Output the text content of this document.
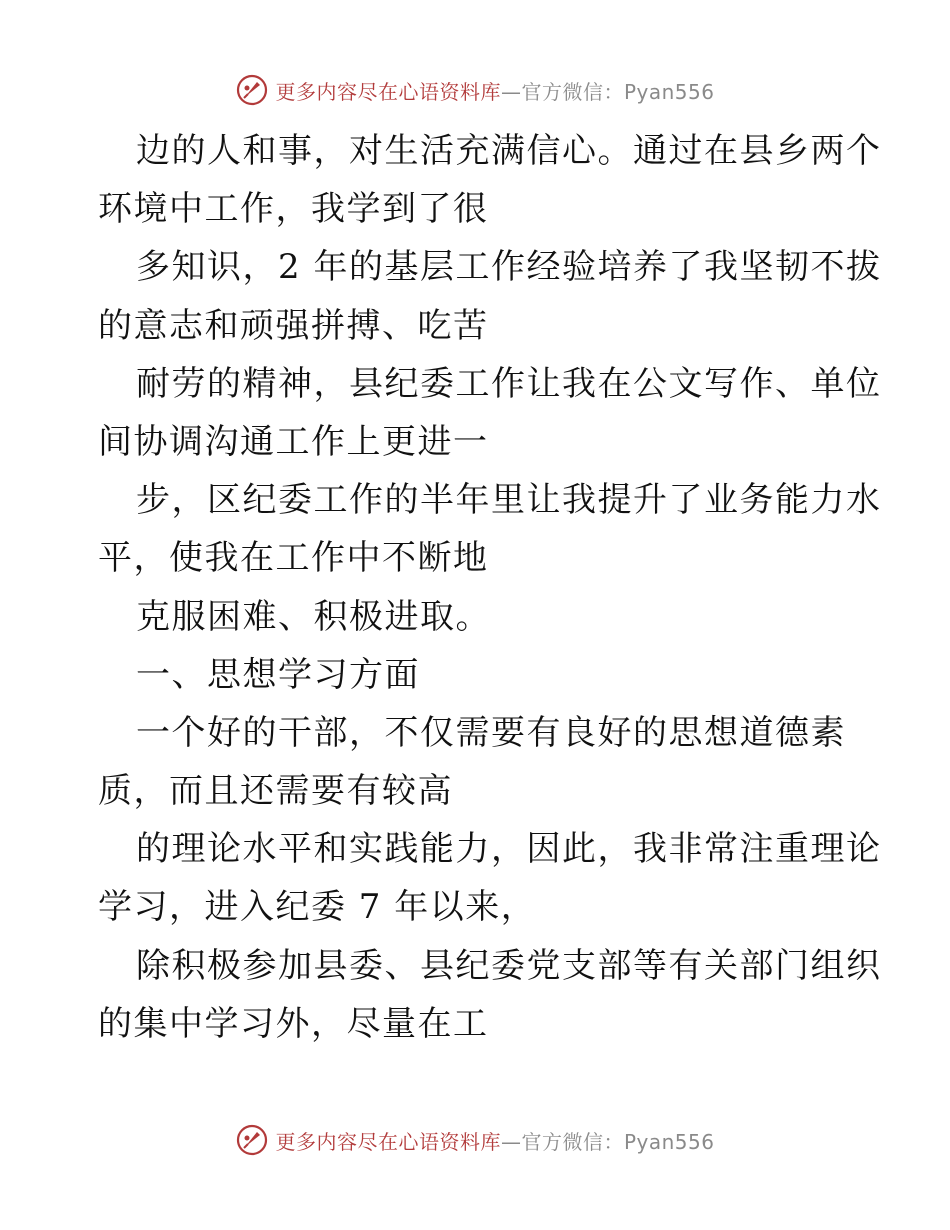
更多内容尽在心语资料库—官方微信：Pyan556
边的人和事，对生活充满信心。通过在县乡两个
环境中工作，我学到了很
多知识，2 年的基层工作经验培养了我坚韧不拔
的意志和顽强拼搏、吃苦
耐劳的精神，县纪委工作让我在公文写作、单位
间协调沟通工作上更进一
步，区纪委工作的半年里让我提升了业务能力水
平，使我在工作中不断地
克服困难、积极进取。
一、思想学习方面
一个好的干部，不仅需要有良好的思想道德素
质，而且还需要有较高
的理论水平和实践能力，因此，我非常注重理论
学习，进入纪委 7 年以来，
除积极参加县委、县纪委党支部等有关部门组织
的集中学习外，尽量在工
更多内容尽在心语资料库—官方微信：Pyan556
